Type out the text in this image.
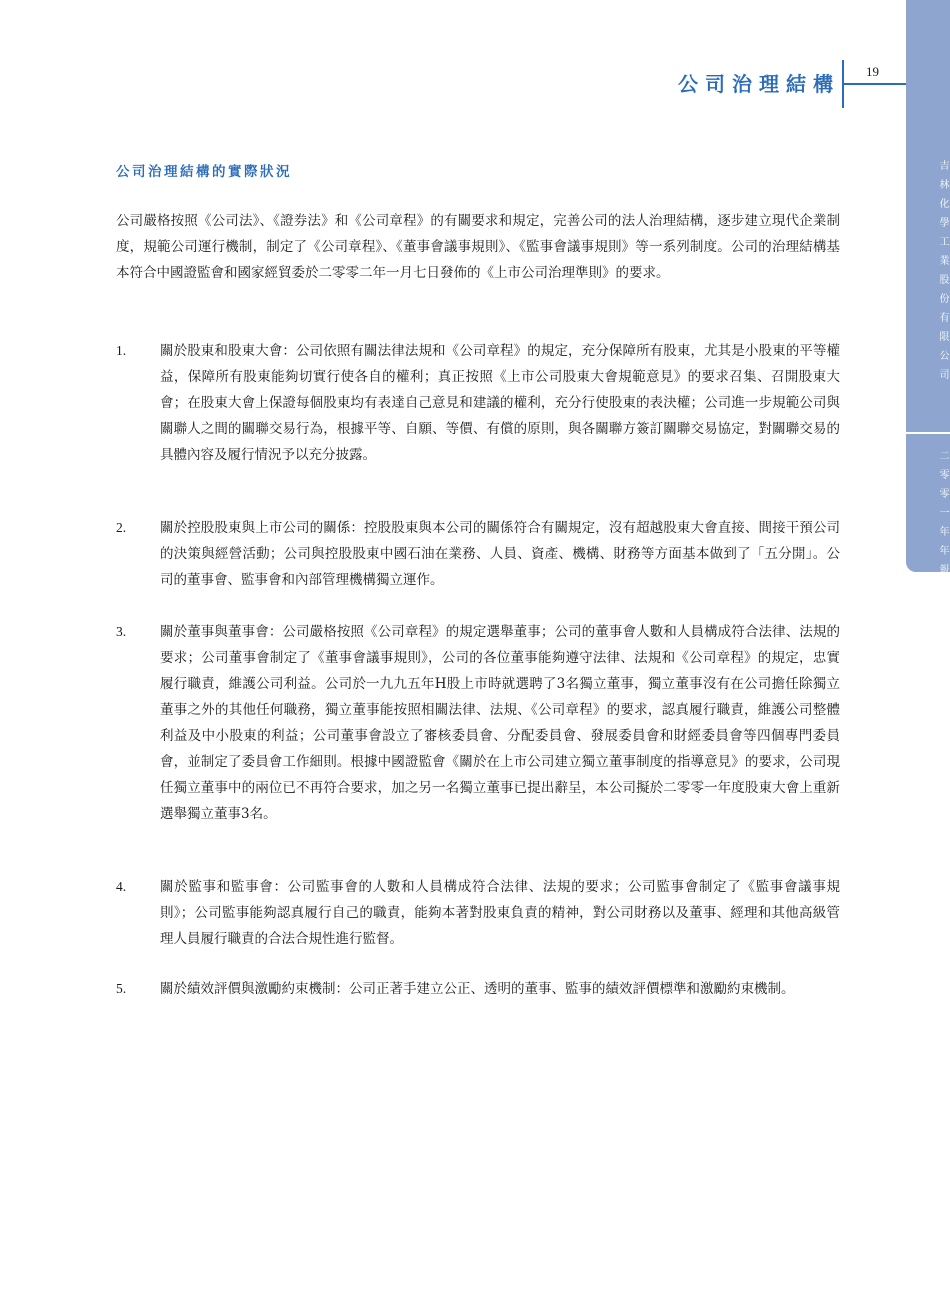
吉林化學工業股份有限公司
二零零一年年報
19
公司治理結構
公司治理結構的實際狀況

公司嚴格按照《公司法》、《證券法》和《公司章程》的有關要求和規定，完善公司的法人治理結構，逐步建立現代企業制度，規範公司運行機制，制定了《公司章程》、《董事會議事規則》、《監事會議事規則》等一系列制度。公司的治理結構基本符合中國證監會和國家經貿委於二零零二年一月七日發佈的《上市公司治理準則》的要求。

1.	關於股東和股東大會：公司依照有關法律法規和《公司章程》的規定，充分保障所有股東，尤其是小股東的平等權益，保障所有股東能夠切實行使各自的權利；真正按照《上市公司股東大會規範意見》的要求召集、召開股東大會；在股東大會上保證每個股東均有表達自己意見和建議的權利，充分行使股東的表決權；公司進一步規範公司與關聯人之間的關聯交易行為，根據平等、自願、等價、有償的原則，與各關聯方簽訂關聯交易協定，對關聯交易的具體內容及履行情況予以充分披露。
2.	關於控股股東與上市公司的關係：控股股東與本公司的關係符合有關規定，沒有超越股東大會直接、間接干預公司的決策與經營活動；公司與控股股東中國石油在業務、人員、資產、機構、財務等方面基本做到了「五分開」。公司的董事會、監事會和內部管理機構獨立運作。
3.	關於董事與董事會：公司嚴格按照《公司章程》的規定選舉董事；公司的董事會人數和人員構成符合法律、法規的要求；公司董事會制定了《董事會議事規則》，公司的各位董事能夠遵守法律、法規和《公司章程》的規定，忠實履行職責，維護公司利益。公司於一九九五年H股上市時就選聘了3名獨立董事，獨立董事沒有在公司擔任除獨立董事之外的其他任何職務，獨立董事能按照相關法律、法規、《公司章程》的要求，認真履行職責，維護公司整體利益及中小股東的利益；公司董事會設立了審核委員會、分配委員會、發展委員會和財經委員會等四個專門委員會，並制定了委員會工作細則。根據中國證監會《關於在上市公司建立獨立董事制度的指導意見》的要求，公司現任獨立董事中的兩位已不再符合要求，加之另一名獨立董事已提出辭呈，本公司擬於二零零一年度股東大會上重新選舉獨立董事3名。
4.	關於監事和監事會：公司監事會的人數和人員構成符合法律、法規的要求；公司監事會制定了《監事會議事規則》；公司監事能夠認真履行自己的職責，能夠本著對股東負責的精神，對公司財務以及董事、經理和其他高級管理人員履行職責的合法合規性進行監督。
5.	關於績效評價與激勵約束機制：公司正著手建立公正、透明的董事、監事的績效評價標準和激勵約束機制。
